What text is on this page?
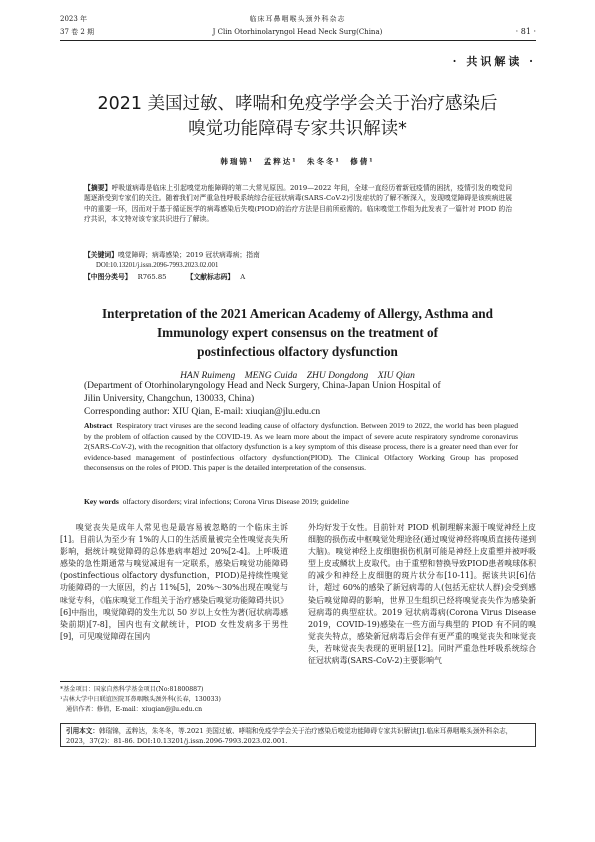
2023 年
37 卷 2 期
临床耳鼻咽喉头颈外科杂志
J Clin Otorhinolaryngol Head Neck Surg(China)	· 81 ·
· 共识解读 ·
2021 美国过敏、哮喘和免疫学学会关于治疗感染后
嗅觉功能障碍专家共识解读*
韩瑞锦¹　孟粹达¹　朱冬冬¹　修倩¹
【摘要】呼吸道病毒是临床上引起嗅觉功能障碍的第二大常见原因。2019—2022 年间，全球一直经历着新冠疫情的困扰，疫情引发的嗅觉问题逐渐受到专家们的关注。随着我们对严重急性呼吸系统综合征冠状病毒(SARS-CoV-2)引发症状的了解不断深入，发现嗅觉障碍是该疾病进展中的重要一环，因而对于基于循证医学的病毒感染后失嗅(PIOD)的治疗方法是目前所亟需的。临床嗅觉工作组为此发表了一篇针对 PIOD 的治疗共识，本文特对该专家共识进行了解读。
【关键词】嗅觉障碍；病毒感染；2019 冠状病毒病；指南
DOI:10.13201/j.issn.2096-7993.2023.02.001
【中图分类号】 R765.85	【文献标志码】 A
Interpretation of the 2021 American Academy of Allergy, Asthma and
Immunology expert consensus on the treatment of
postinfectious olfactory dysfunction
HAN Ruimeng　MENG Cuida　ZHU Dongdong　XIU Qian
(Department of Otorhinolaryngology Head and Neck Surgery, China-Japan Union Hospital of
Jilin University, Changchun, 130033, China)
Corresponding author: XIU Qian, E-mail: xiuqian@jlu.edu.cn
Abstract Respiratory tract viruses are the second leading cause of olfactory dysfunction. Between 2019 to 2022, the world has been plagued by the problem of olfaction caused by the COVID-19. As we learn more about the impact of severe acute respiratory syndrome coronavirus 2(SARS-CoV-2), with the recognition that olfactory dysfunction is a key symptom of this disease process, there is a greater need than ever for evidence-based management of postinfectious olfactory dysfunction(PIOD). The Clinical Olfactory Working Group has proposed theconsensus on the roles of PIOD. This paper is the detailed interpretation of the consensus.
Key words olfactory disorders; viral infections; Corona Virus Disease 2019; guideline
嗅觉丧失是成年人常见也是最容易被忽略的一个临床主诉[1]。目前认为至少有 1%的人口的生活质量被完全性嗅觉丧失所影响，据统计嗅觉障碍的总体患病率超过 20%[2-4]。上呼吸道感染的急性期通常与嗅觉减退有一定联系，感染后嗅觉功能障碍(postinfectious olfactory dysfunction，PIOD)是持续性嗅觉功能障碍的一大原因，约占 11%[5]，20%～30%出现在嗅觉与味觉专科，《临床嗅觉工作组关于治疗感染后嗅觉功能障碍共识》[6]中指出，嗅觉障碍的发生尤以 50 岁以上女性为著(冠状病毒感染前期)[7-8]，国内也有文献统计，PIOD 女性发病多于男性[9]，可见嗅觉障碍在国内
外均好发于女性。目前针对 PIOD 机制理解来源于嗅觉神经上皮细胞的损伤或中枢嗅觉处理途径(通过嗅觉神经将嗅质直接传递到大脑)。嗅觉神经上皮细胞损伤机制可能是神经上皮重塑并被呼吸型上皮或鳞状上皮取代。由于重塑和替换导致PIOD患者嗅球体积的减少和神经上皮细胞的斑片状分布[10-11]。据该共识[6]估计，超过 60%的感染了新冠病毒的人(包括无症状人群)会受到感染后嗅觉障碍的影响，世界卫生组织已经将嗅觉丧失作为感染新冠病毒的典型症状。2019 冠状病毒病(Corona Virus Disease 2019，COVID-19)感染在一些方面与典型的 PIOD 有不同的嗅觉丧失特点，感染新冠病毒后会伴有更严重的嗅觉丧失和味觉丧失，若味觉丧失表现的更明显[12]。同时严重急性呼吸系统综合征冠状病毒(SARS-CoV-2)主要影响气
*基金项目：国家自然科学基金项目(No:81800887)
¹吉林大学中日联谊医院耳鼻咽喉头颈外科(长春，130033)
通信作者：修倩，E-mail：xiuqian@jlu.edu.cn
引用本文：韩瑞锦，孟粹达，朱冬冬，等.2021 美国过敏、哮喘和免疫学学会关于治疗感染后嗅觉功能障碍专家共识解读[J].临床耳鼻咽喉头颈外科杂志，2023，37(2)：81-86. DOI:10.13201/j.issn.2096-7993.2023.02.001.
